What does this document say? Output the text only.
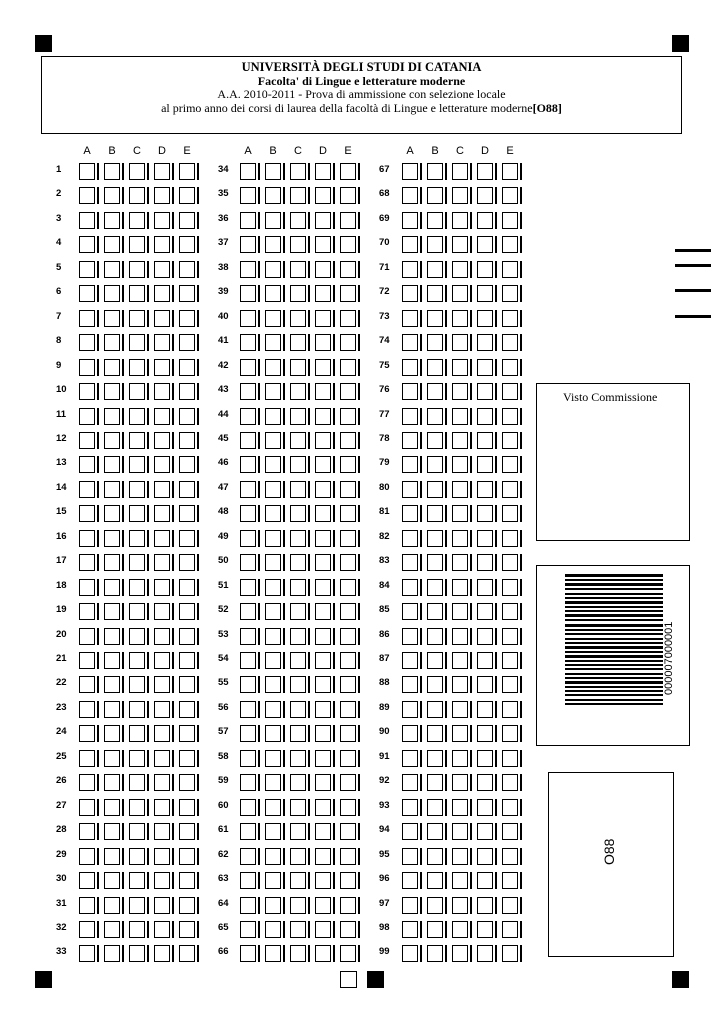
UNIVERSITÀ DEGLI STUDI DI CATANIA
Facolta' di Lingue e letterature moderne
A.A. 2010-2011 - Prova di ammissione con selezione locale
al primo anno dei corsi di laurea della facoltà di Lingue e letterature moderne[O88]
A	B	C D	E
1
2
3
4
5
6
7
8
9
10
11
12
13
14
15
16
17
18
19
20
21
22
23
24
25
26
27
28
29
30
31
32
33
A	B	C D	E
34
35
36
37
38
39
40
41
42
43
44
45
46
47
48
49
50
51
52
53
54
55
56
57
58
59
60
61
62
63
64
65
66
A	B	C D	E
67
68
69
70
71
72
73
74
75
76
77
78
79
80
81
82
83
84
85
86
87
88
89
90
91
92
93
94
95
96
97
98
99
Visto Commissione
000007000001
O88
